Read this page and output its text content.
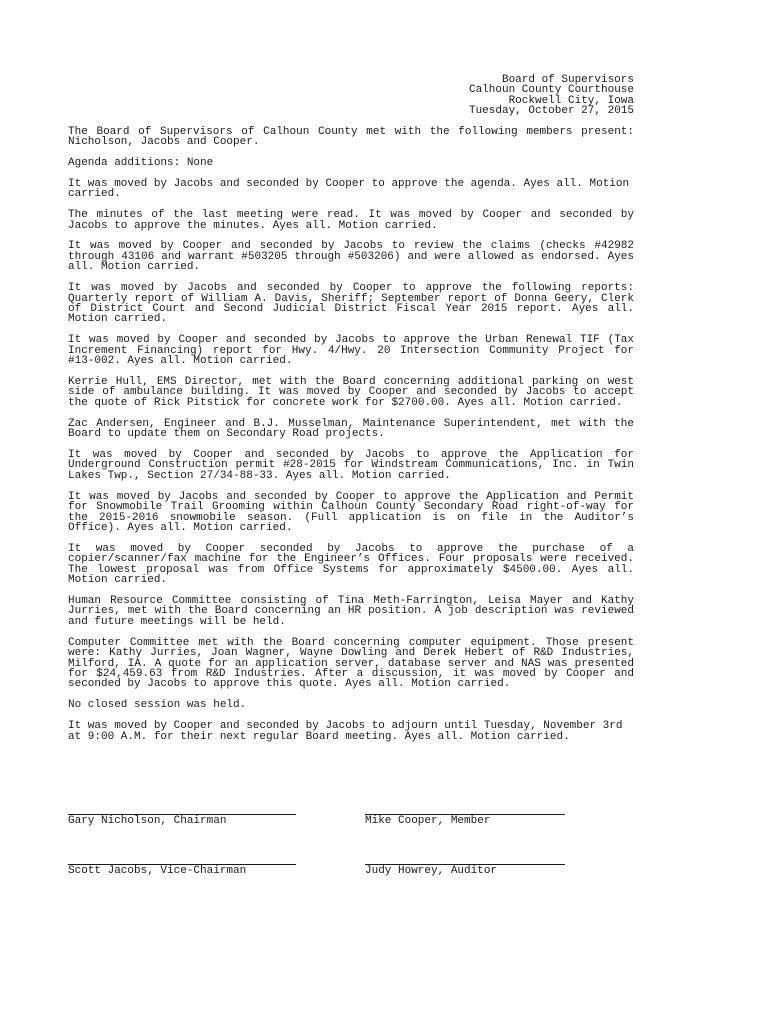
Board of Supervisors
Calhoun County Courthouse
Rockwell City, Iowa
Tuesday, October 27, 2015

The Board of Supervisors of Calhoun County met with the following members present: Nicholson, Jacobs and Cooper.

Agenda additions: None

It was moved by Jacobs and seconded by Cooper to approve the agenda. Ayes all. Motion carried.

The minutes of the last meeting were read. It was moved by Cooper and seconded by Jacobs to approve the minutes. Ayes all. Motion carried.

It was moved by Cooper and seconded by Jacobs to review the claims (checks #42982 through 43106 and warrant #503205 through #503206) and were allowed as endorsed. Ayes all. Motion carried.

It was moved by Jacobs and seconded by Cooper to approve the following reports: Quarterly report of William A. Davis, Sheriff; September report of Donna Geery, Clerk of District Court and Second Judicial District Fiscal Year 2015 report. Ayes all. Motion carried.

It was moved by Cooper and seconded by Jacobs to approve the Urban Renewal TIF (Tax Increment Financing) report for Hwy. 4/Hwy. 20 Intersection Community Project for #13-002. Ayes all. Motion carried.

Kerrie Hull, EMS Director, met with the Board concerning additional parking on west side of ambulance building. It was moved by Cooper and seconded by Jacobs to accept the quote of Rick Pitstick for concrete work for $2700.00. Ayes all. Motion carried.

Zac Andersen, Engineer and B.J. Musselman, Maintenance Superintendent, met with the Board to update them on Secondary Road projects.

It was moved by Cooper and seconded by Jacobs to approve the Application for Underground Construction permit #28-2015 for Windstream Communications, Inc. in Twin Lakes Twp., Section 27/34-88-33. Ayes all. Motion carried.

It was moved by Jacobs and seconded by Cooper to approve the Application and Permit for Snowmobile Trail Grooming within Calhoun County Secondary Road right-of-way for the 2015-2016 snowmobile season. (Full application is on file in the Auditor’s Office). Ayes all. Motion carried.

It was moved by Cooper seconded by Jacobs to approve the purchase of a copier/scanner/fax machine for the Engineer’s Offices. Four proposals were received. The lowest proposal was from Office Systems for approximately $4500.00. Ayes all. Motion carried.

Human Resource Committee consisting of Tina Meth-Farrington, Leisa Mayer and Kathy Jurries, met with the Board concerning an HR position. A job description was reviewed and future meetings will be held.

Computer Committee met with the Board concerning computer equipment. Those present were: Kathy Jurries, Joan Wagner, Wayne Dowling and Derek Hebert of R&D Industries, Milford, IA. A quote for an application server, database server and NAS was presented for $24,459.63 from R&D Industries. After a discussion, it was moved by Cooper and seconded by Jacobs to approve this quote. Ayes all. Motion carried.

No closed session was held.

It was moved by Cooper and seconded by Jacobs to adjourn until Tuesday, November 3rd at 9:00 A.M. for their next regular Board meeting. Ayes all. Motion carried.

Gary Nicholson, Chairman	Mike Cooper, Member
Scott Jacobs, Vice-Chairman	Judy Howrey, Auditor
